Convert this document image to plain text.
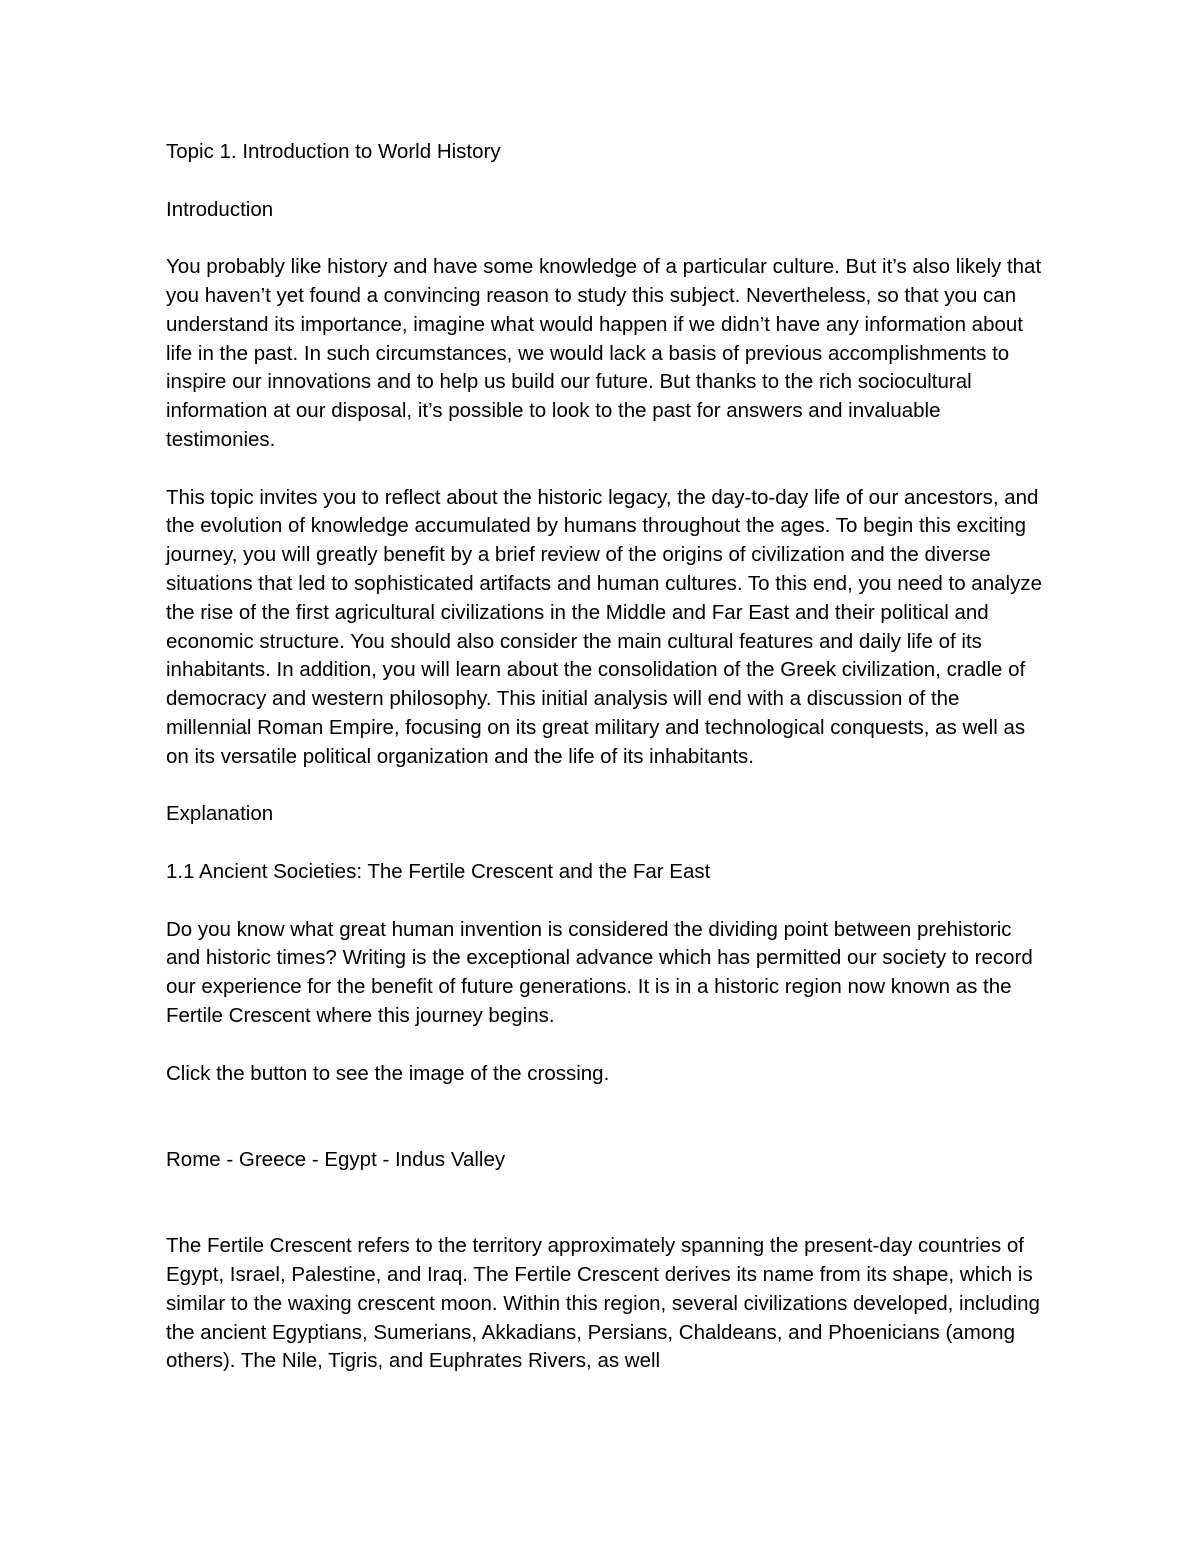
Topic 1. Introduction to World History

Introduction

You probably like history and have some knowledge of a particular culture. But it’s also likely that you haven’t yet found a convincing reason to study this subject. Nevertheless, so that you can understand its importance, imagine what would happen if we didn’t have any information about life in the past. In such circumstances, we would lack a basis of previous accomplishments to inspire our innovations and to help us build our future. But thanks to the rich sociocultural information at our disposal, it’s possible to look to the past for answers and invaluable testimonies.

This topic invites you to reflect about the historic legacy, the day-to-day life of our ancestors, and the evolution of knowledge accumulated by humans throughout the ages. To begin this exciting journey, you will greatly benefit by a brief review of the origins of civilization and the diverse situations that led to sophisticated artifacts and human cultures. To this end, you need to analyze the rise of the first agricultural civilizations in the Middle and Far East and their political and economic structure. You should also consider the main cultural features and daily life of its inhabitants. In addition, you will learn about the consolidation of the Greek civilization, cradle of democracy and western philosophy. This initial analysis will end with a discussion of the millennial Roman Empire, focusing on its great military and technological conquests, as well as on its versatile political organization and the life of its inhabitants.

Explanation

1.1 Ancient Societies: The Fertile Crescent and the Far East

Do you know what great human invention is considered the dividing point between prehistoric and historic times? Writing is the exceptional advance which has permitted our society to record our experience for the benefit of future generations. It is in a historic region now known as the Fertile Crescent where this journey begins.

Click the button to see the image of the crossing.

Rome - Greece - Egypt - Indus Valley

The Fertile Crescent refers to the territory approximately spanning the present-day countries of Egypt, Israel, Palestine, and Iraq. The Fertile Crescent derives its name from its shape, which is similar to the waxing crescent moon. Within this region, several civilizations developed, including the ancient Egyptians, Sumerians, Akkadians, Persians, Chaldeans, and Phoenicians (among others). The Nile, Tigris, and Euphrates Rivers, as well
